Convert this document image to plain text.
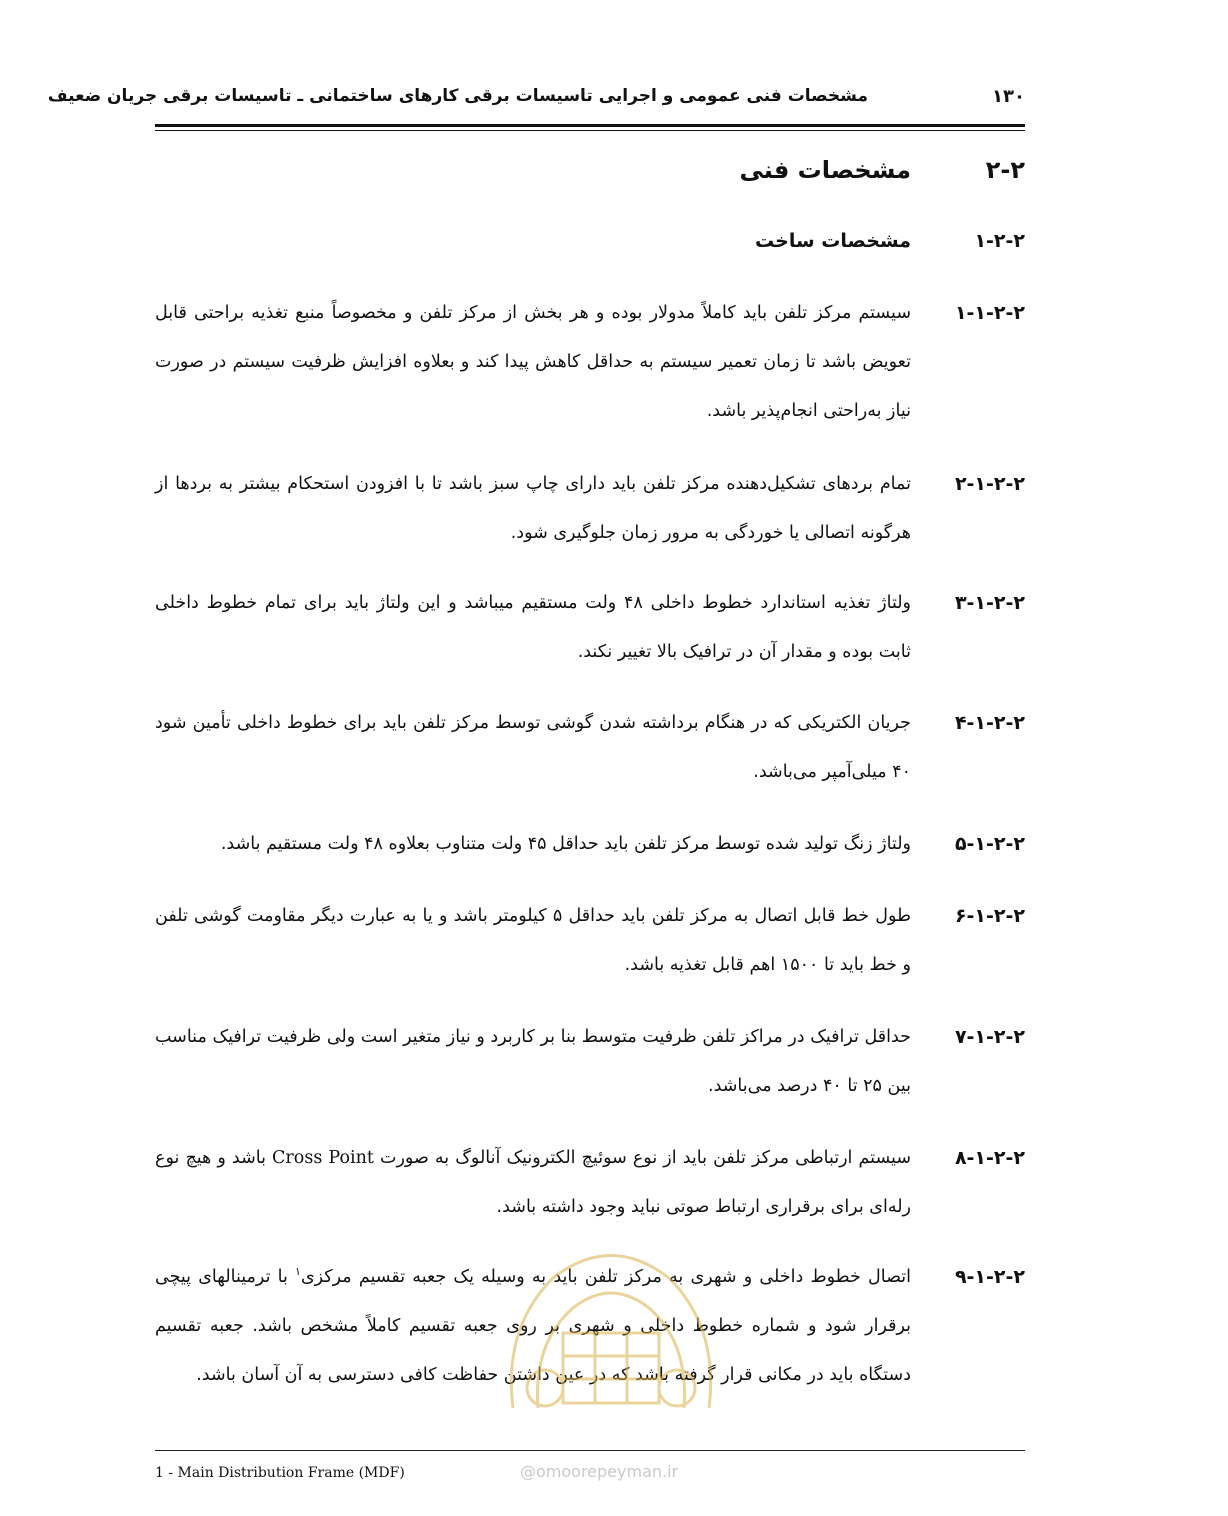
۱۳۰
مشخصات فنی عمومی و اجرایی تاسیسات برقی کارهای ساختمانی ـ تاسیسات برقی جریان ضعیف
۲-۲
مشخصات فنی
۱-۲-۲
مشخصات ساخت
۱-۱-۲-۲
سیستم مرکز تلفن باید کاملاً مدولار بوده و هر بخش از مرکز تلفن و مخصوصاً منبع تغذیه براحتی قابل تعویض باشد تا زمان تعمیر سیستم به حداقل کاهش پیدا کند و بعلاوه افزایش ظرفیت سیستم در صورت نیاز به‌راحتی انجام‌پذیر باشد.
۲-۱-۲-۲
تمام بردهای تشکیل‌دهنده مرکز تلفن باید دارای چاپ سبز باشد تا با افزودن استحکام بیشتر به بردها از هرگونه اتصالی یا خوردگی به مرور زمان جلوگیری شود.
۳-۱-۲-۲
ولتاژ تغذیه استاندارد خطوط داخلی ۴۸ ولت مستقیم میباشد و این ولتاژ باید برای تمام خطوط داخلی ثابت بوده و مقدار آن در ترافیک بالا تغییر نکند.
۴-۱-۲-۲
جریان الکتریکی که در هنگام برداشته شدن گوشی توسط مرکز تلفن باید برای خطوط داخلی تأمین شود ۴۰ میلی‌آمپر می‌باشد.
۵-۱-۲-۲
ولتاژ زنگ تولید شده توسط مرکز تلفن باید حداقل ۴۵ ولت متناوب بعلاوه ۴۸ ولت مستقیم باشد.
۶-۱-۲-۲
طول خط قابل اتصال به مرکز تلفن باید حداقل ۵ کیلومتر باشد و یا به عبارت دیگر مقاومت گوشی تلفن و خط باید تا ۱۵۰۰ اهم قابل تغذیه باشد.
۷-۱-۲-۲
حداقل ترافیک در مراکز تلفن ظرفیت متوسط بنا بر کاربرد و نیاز متغیر است ولی ظرفیت ترافیک مناسب بین ۲۵ تا ۴۰ درصد می‌باشد.
۸-۱-۲-۲
سیستم ارتباطی مرکز تلفن باید از نوع سوئیچ الکترونیک آنالوگ به صورت Cross Point باشد و هیچ نوع رله‌ای برای برقراری ارتباط صوتی نباید وجود داشته باشد.
۹-۱-۲-۲
اتصال خطوط داخلی و شهری به مرکز تلفن باید به وسیله یک جعبه تقسیم مرکزی$^۱$ با ترمینالهای پیچی برقرار شود و شماره خطوط داخلی و شهری بر روی جعبه تقسیم کاملاً مشخص باشد. جعبه تقسیم دستگاه باید در مکانی قرار گرفته باشد که در عین داشتن حفاظت کافی دسترسی به آن آسان باشد.
1 - Main Distribution Frame (MDF)	@omoorepeyman.ir
